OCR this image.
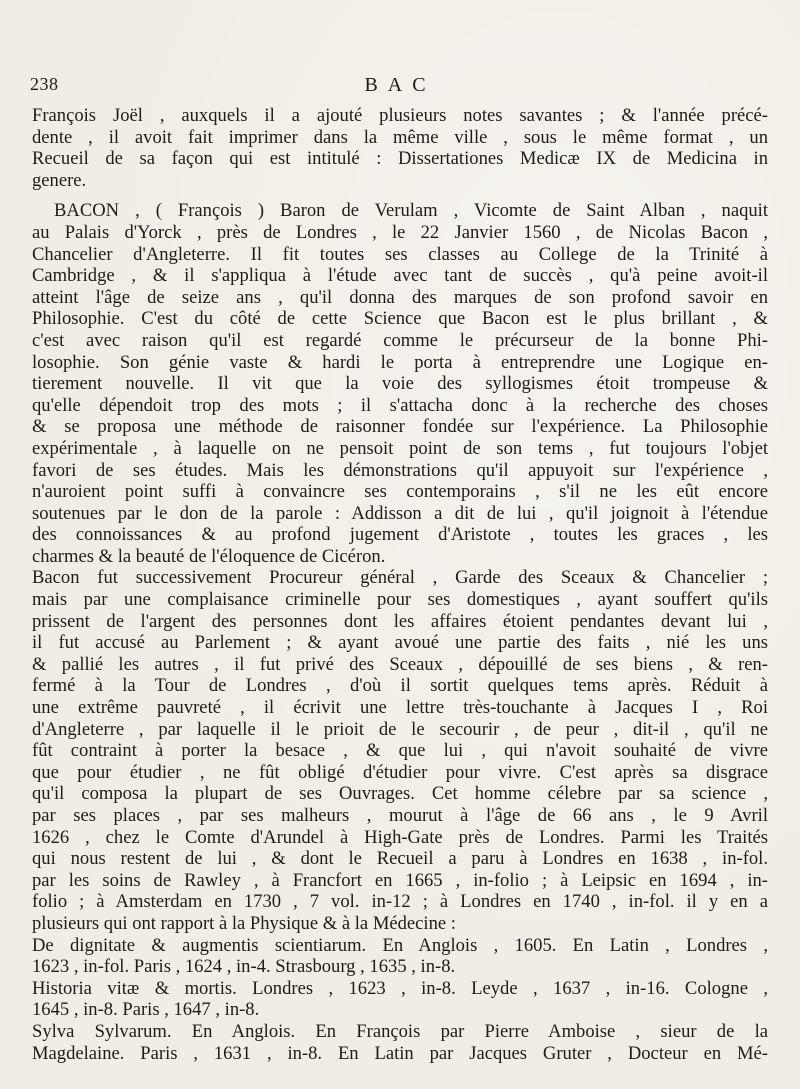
238	BAC
François Joël , auxquels il a ajouté plusieurs notes savantes ; & l'année précé-
dente , il avoit fait imprimer dans la même ville , sous le même format , un
Recueil de sa façon qui est intitulé : Dissertationes Medicæ IX de Medicina in
genere.
BACON , ( François ) Baron de Verulam , Vicomte de Saint Alban , naquit
au Palais d'Yorck , près de Londres , le 22 Janvier 1560 , de Nicolas Bacon ,
Chancelier d'Angleterre. Il fit toutes ses classes au College de la Trinité à
Cambridge , & il s'appliqua à l'étude avec tant de succès , qu'à peine avoit-il
atteint l'âge de seize ans , qu'il donna des marques de son profond savoir en
Philosophie. C'est du côté de cette Science que Bacon est le plus brillant , &
c'est avec raison qu'il est regardé comme le précurseur de la bonne Phi-
losophie. Son génie vaste & hardi le porta à entreprendre une Logique en-
tierement nouvelle. Il vit que la voie des syllogismes étoit trompeuse &
qu'elle dépendoit trop des mots ; il s'attacha donc à la recherche des choses
& se proposa une méthode de raisonner fondée sur l'expérience. La Philosophie
expérimentale , à laquelle on ne pensoit point de son tems , fut toujours l'objet
favori de ses études. Mais les démonstrations qu'il appuyoit sur l'expérience ,
n'auroient point suffi à convaincre ses contemporains , s'il ne les eût encore
soutenues par le don de la parole : Addisson a dit de lui , qu'il joignoit à l'étendue
des connoissances & au profond jugement d'Aristote , toutes les graces , les
charmes & la beauté de l'éloquence de Cicéron.
Bacon fut successivement Procureur général , Garde des Sceaux & Chancelier ;
mais par une complaisance criminelle pour ses domestiques , ayant souffert qu'ils
prissent de l'argent des personnes dont les affaires étoient pendantes devant lui ,
il fut accusé au Parlement ; & ayant avoué une partie des faits , nié les uns
& pallié les autres , il fut privé des Sceaux , dépouillé de ses biens , & ren-
fermé à la Tour de Londres , d'où il sortit quelques tems après. Réduit à
une extrême pauvreté , il écrivit une lettre très-touchante à Jacques I , Roi
d'Angleterre , par laquelle il le prioit de le secourir , de peur , dit-il , qu'il ne
fût contraint à porter la besace , & que lui , qui n'avoit souhaité de vivre
que pour étudier , ne fût obligé d'étudier pour vivre. C'est après sa disgrace
qu'il composa la plupart de ses Ouvrages. Cet homme célebre par sa science ,
par ses places , par ses malheurs , mourut à l'âge de 66 ans , le 9 Avril
1626 , chez le Comte d'Arundel à High-Gate près de Londres. Parmi les Traités
qui nous restent de lui , & dont le Recueil a paru à Londres en 1638 , in-fol.
par les soins de Rawley , à Francfort en 1665 , in-folio ; à Leipsic en 1694 , in-
folio ; à Amsterdam en 1730 , 7 vol. in-12 ; à Londres en 1740 , in-fol. il y en a
plusieurs qui ont rapport à la Physique & à la Médecine :
De dignitate & augmentis scientiarum. En Anglois , 1605. En Latin , Londres ,
1623 , in-fol. Paris , 1624 , in-4. Strasbourg , 1635 , in-8.
Historia vitæ & mortis. Londres , 1623 , in-8. Leyde , 1637 , in-16. Cologne ,
1645 , in-8. Paris , 1647 , in-8.
Sylva Sylvarum. En Anglois. En François par Pierre Amboise , sieur de la
Magdelaine. Paris , 1631 , in-8. En Latin par Jacques Gruter , Docteur en Mé-
